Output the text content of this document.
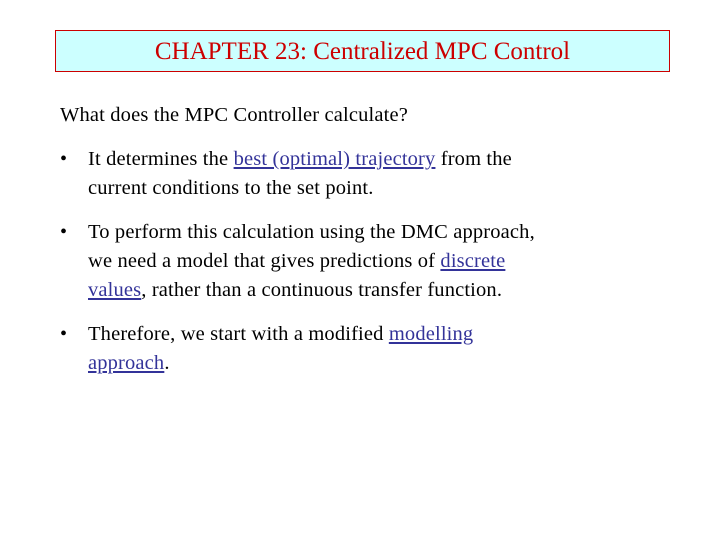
CHAPTER 23: Centralized MPC Control
What does the MPC Controller calculate?
• It determines the best (optimal) trajectory from the
current conditions to the set point.
• To perform this calculation using the DMC approach,
we need a model that gives predictions of discrete
values, rather than a continuous transfer function.
• Therefore, we start with a modified modelling
approach.
